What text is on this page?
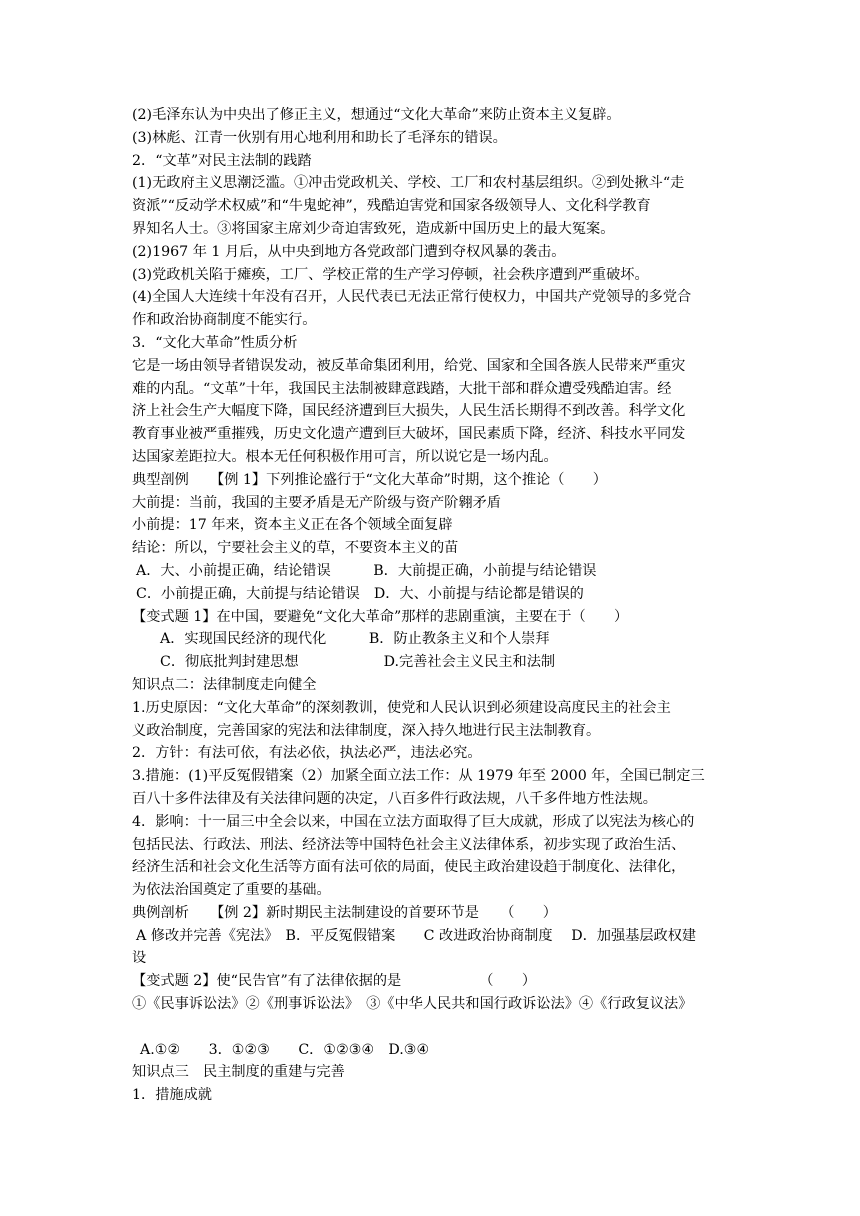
(2)毛泽东认为中央出了修正主义，想通过“文化大革命”来防止资本主义复辟。
(3)林彪、江青一伙别有用心地利用和助长了毛泽东的错误。
2．“文革”对民主法制的践踏
(1)无政府主义思潮泛滥。①冲击党政机关、学校、工厂和农村基层组织。②到处揪斗“走
资派”“反动学术权威”和“牛鬼蛇神”，残酷迫害党和国家各级领导人、文化科学教育
界知名人士。③将国家主席刘少奇迫害致死，造成新中国历史上的最大冤案。
(2)1967 年 1 月后，从中央到地方各党政部门遭到夺权风暴的袭击。
(3)党政机关陷于瘫痪，工厂、学校正常的生产学习停顿，社会秩序遭到严重破坏。
(4)全国人大连续十年没有召开，人民代表已无法正常行使权力，中国共产党领导的多党合
作和政治协商制度不能实行。
3．“文化大革命”性质分析
它是一场由领导者错误发动，被反革命集团利用，给党、国家和全国各族人民带来严重灾
难的内乱。“文革”十年，我国民主法制被肆意践踏，大批干部和群众遭受残酷迫害。经
济上社会生产大幅度下降，国民经济遭到巨大损失，人民生活长期得不到改善。科学文化
教育事业被严重摧残，历史文化遗产遭到巨大破坏，国民素质下降，经济、科技水平同发
达国家差距拉大。根本无任何积极作用可言，所以说它是一场内乱。
典型剖例　　【例 1】下列推论盛行于“文化大革命”时期，这个推论（　　）
大前提：当前，我国的主要矛盾是无产阶级与资产阶翱矛盾
小前提：17 年来，资本主义正在各个领域全面复辟
结论：所以，宁要社会主义的草，不要资本主义的苗
A．大、小前提正确，结论错误　　　B．大前提正确，小前提与结论错误
C．小前提正确，大前提与结论错误　D．大、小前提与结论都是错误的
【变式题 1】在中国，要避免“文化大革命”那样的悲剧重演，主要在于（　　）
A．实现国民经济的现代化　　　B．防止教条主义和个人崇拜
C．彻底批判封建思想　　　　　　D.完善社会主义民主和法制
知识点二：法律制度走向健全
1.历史原因：“文化大革命”的深刻教训，使党和人民认识到必须建设高度民主的社会主
义政治制度，完善国家的宪法和法律制度，深入持久地进行民主法制教育。
2．方针：有法可依，有法必依，执法必严，违法必究。
3.措施：(1)平反冤假错案（2）加紧全面立法工作：从 1979 年至 2000 年，全国已制定三
百八十多件法律及有关法律问题的决定，八百多件行政法规，八千多件地方性法规。
4．影响：十一届三中全会以来，中国在立法方面取得了巨大成就，形成了以宪法为核心的
包括民法、行政法、刑法、经济法等中国特色社会主义法律体系，初步实现了政治生活、
经济生活和社会文化生活等方面有法可依的局面，使民主政治建设趋于制度化、法律化，
为依法治国奠定了重要的基础。
典例剖析　　【例 2】新时期民主法制建设的首要环节是　　（　　）
A 修改并完善《宪法》　B．平反冤假错案　　C 改进政治协商制度　 D．加强基层政权建
设
【变式题 2】使“民告官”有了法律依据的是　　　　　　（　　）
①《民事诉讼法》②《刑事诉讼法》　③《中华人民共和国行政诉讼法》④《行政复议法》
A.①②　　3．①②③　　C．①②③④　D.③④
知识点三　民主制度的重建与完善
1．措施成就
